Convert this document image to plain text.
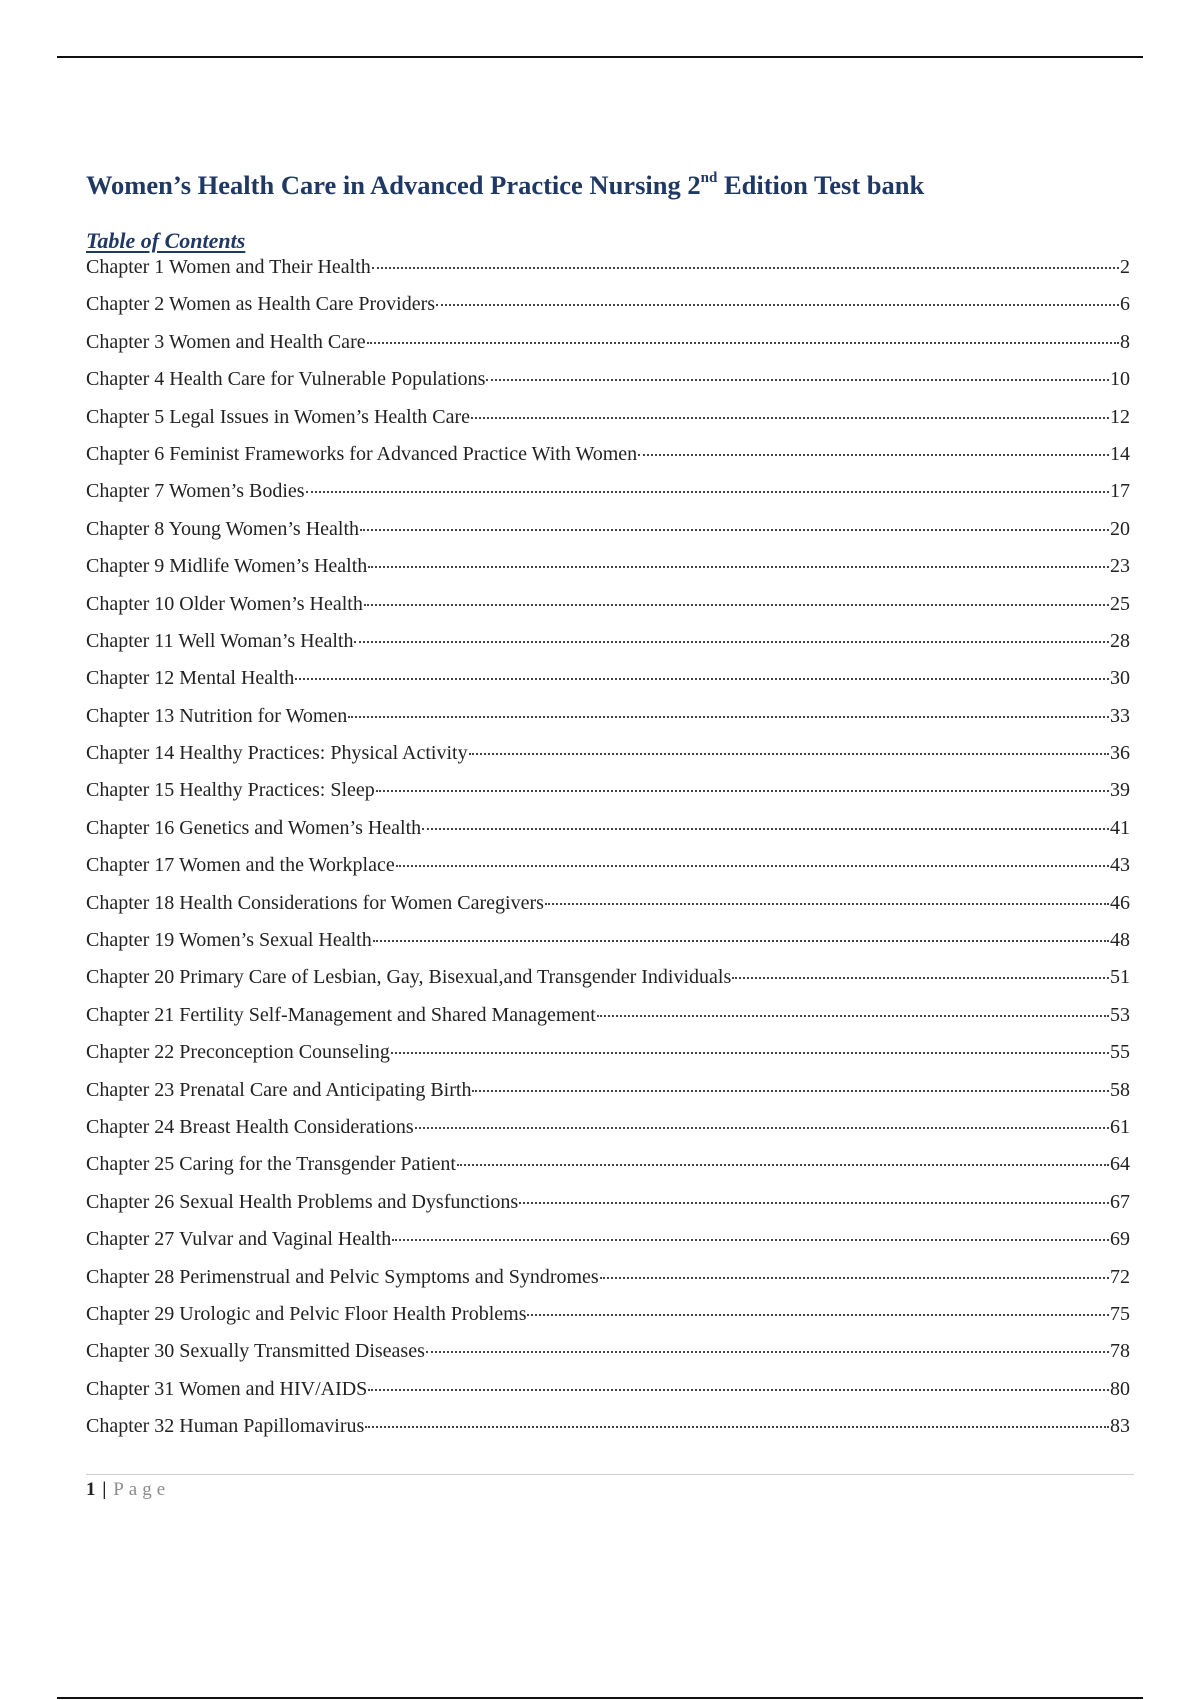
Women’s Health Care in Advanced Practice Nursing 2nd Edition Test bank
Table of Contents
Chapter 1 Women and Their Health	2
Chapter 2 Women as Health Care Providers	6
Chapter 3 Women and Health Care	8
Chapter 4 Health Care for Vulnerable Populations	10
Chapter 5 Legal Issues in Women’s Health Care	12
Chapter 6 Feminist Frameworks for Advanced Practice With Women	14
Chapter 7 Women’s Bodies	17
Chapter 8 Young Women’s Health	20
Chapter 9 Midlife Women’s Health	23
Chapter 10 Older Women’s Health	25
Chapter 11 Well Woman’s Health	28
Chapter 12 Mental Health	30
Chapter 13 Nutrition for Women	33
Chapter 14 Healthy Practices: Physical Activity	36
Chapter 15 Healthy Practices: Sleep	39
Chapter 16 Genetics and Women’s Health	41
Chapter 17 Women and the Workplace	43
Chapter 18 Health Considerations for Women Caregivers	46
Chapter 19 Women’s Sexual Health	48
Chapter 20 Primary Care of Lesbian, Gay, Bisexual,and Transgender Individuals	51
Chapter 21 Fertility Self-Management and Shared Management	53
Chapter 22 Preconception Counseling	55
Chapter 23 Prenatal Care and Anticipating Birth	58
Chapter 24 Breast Health Considerations	61
Chapter 25 Caring for the Transgender Patient	64
Chapter 26 Sexual Health Problems and Dysfunctions	67
Chapter 27 Vulvar and Vaginal Health	69
Chapter 28 Perimenstrual and Pelvic Symptoms and Syndromes	72
Chapter 29 Urologic and Pelvic Floor Health Problems	75
Chapter 30 Sexually Transmitted Diseases	78
Chapter 31 Women and HIV/AIDS	80
Chapter 32 Human Papillomavirus	83
1 | Page
